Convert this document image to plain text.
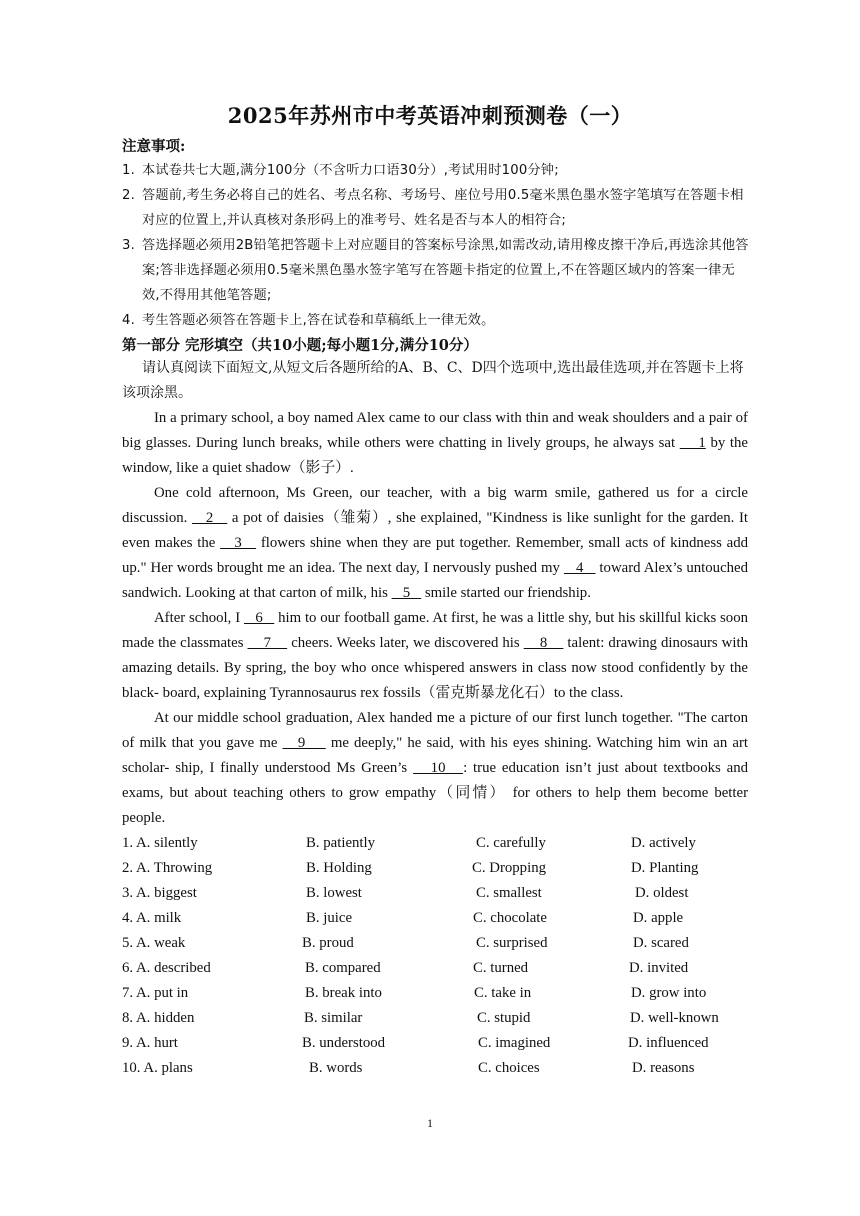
2025年苏州市中考英语冲刺预测卷（一）
注意事项:
1. 本试卷共七大题,满分100分（不含听力口语30分）,考试用时100分钟;
2. 答题前,考生务必将自己的姓名、考点名称、考场号、座位号用0.5毫米黑色墨水签字笔填写在答题卡相对应的位置上,并认真核对条形码上的准考号、姓名是否与本人的相符合;
3. 答选择题必须用2B铅笔把答题卡上对应题目的答案标号涂黑,如需改动,请用橡皮擦干净后,再选涂其他答案;答非选择题必须用0.5毫米黑色墨水签字笔写在答题卡指定的位置上,不在答题区域内的答案一律无效,不得用其他笔答题;
4. 考生答题必须答在答题卡上,答在试卷和草稿纸上一律无效。
第一部分 完形填空（共10小题;每小题1分,满分10分）
请认真阅读下面短文,从短文后各题所给的A、B、C、D四个选项中,选出最佳选项,并在答题卡上将该项涂黑。

In a primary school, a boy named Alex came to our class with thin and weak shoulders and a pair of big glasses. During lunch breaks, while others were chatting in lively groups, he always sat     1 by the window, like a quiet shadow（影子）.

One cold afternoon, Ms Green, our teacher, with a big warm smile, gathered us for a circle discussion.    2    a pot of daisies（雏菊）, she explained, "Kindness is like sunlight for the garden. It even makes the    3    flowers shine when they are put together. Remember, small acts of kindness add up." Her words brought me an idea. The next day, I nervously pushed my    4    toward Alex’s untouched sandwich. Looking at that carton of milk, his    5    smile started our friendship.

After school, I    6    him to our football game. At first, he was a little shy, but his skillful kicks soon made the classmates     7     cheers. Weeks later, we discovered his     8     talent: drawing dinosaurs with amazing details. By spring, the boy who once whispered answers in class now stood confidently by the black- board, explaining Tyrannosaurus rex fossils（雷克斯暴龙化石）to the class.

At our middle school graduation, Alex handed me a picture of our first lunch together. "The carton of milk that you gave me    9     me deeply," he said, with his eyes shining. Watching him win an art scholar- ship, I finally understood Ms Green’s    10   : true education isn’t just about textbooks and exams, but about teaching others to grow empathy（同情） for others to help them become better people.

1. A. silently	B. patiently	C. carefully	D. actively
2. A. Throwing	B. Holding	C. Dropping	D. Planting
3. A. biggest	B. lowest	C. smallest	D. oldest
4. A. milk	B. juice	C. chocolate	D. apple
5. A. weak	B. proud	C. surprised	D. scared
6. A. described	B. compared	C. turned	D. invited
7. A. put in	B. break into	C. take in	D. grow into
8. A. hidden	B. similar	C. stupid	D. well-known
9. A. hurt	B. understood	C. imagined	D. influenced
10. A. plans	B. words	C. choices	D. reasons
1
